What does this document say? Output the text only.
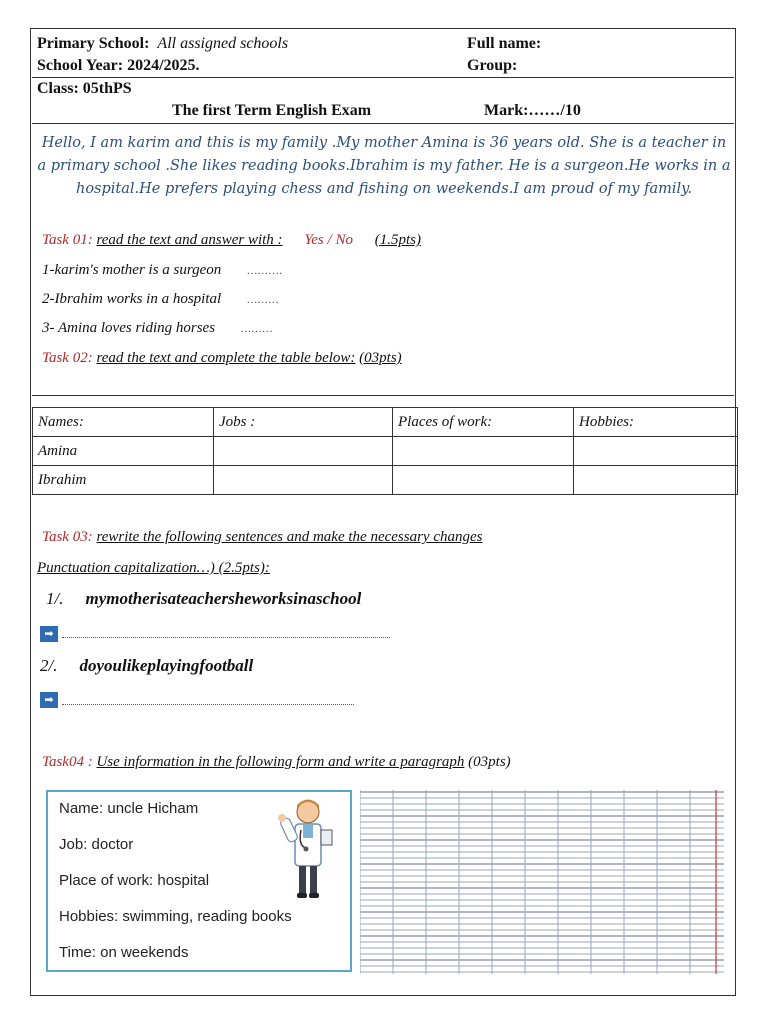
Primary School: All assigned schools	Full name:
School Year: 2024/2025.	Group:
Class: 05thPS
The first Term English Exam	Mark:……/10
Hello, I am karim and this is my family .My mother Amina is 36 years old. She is a teacher in a primary school .She likes reading books.Ibrahim is my father. He is a surgeon.He works in a hospital.He prefers playing chess and fishing on weekends.I am proud of my family.
Task 01: read the text and answer with : Yes / No (1.5pts)
1-karim's mother is a surgeon ……….
2-Ibrahim works in a hospital ………
3- Amina loves riding horses ………
Task 02: read the text and complete the table below: (03pts)
Names:	Jobs :	Places of work:	Hobbies:
Amina			
Ibrahim			
Task 03: rewrite the following sentences and make the necessary changes
Punctuation capitalization…) (2.5pts):
1/. mymotherisateachersheworksinaschool
➡
2/. doyoulikeplayingfootball
➡
Task04 : Use information in the following form and write a paragraph (03pts)
Name: uncle Hicham
Job: doctor
Place of work: hospital
Hobbies: swimming, reading books
Time: on weekends
